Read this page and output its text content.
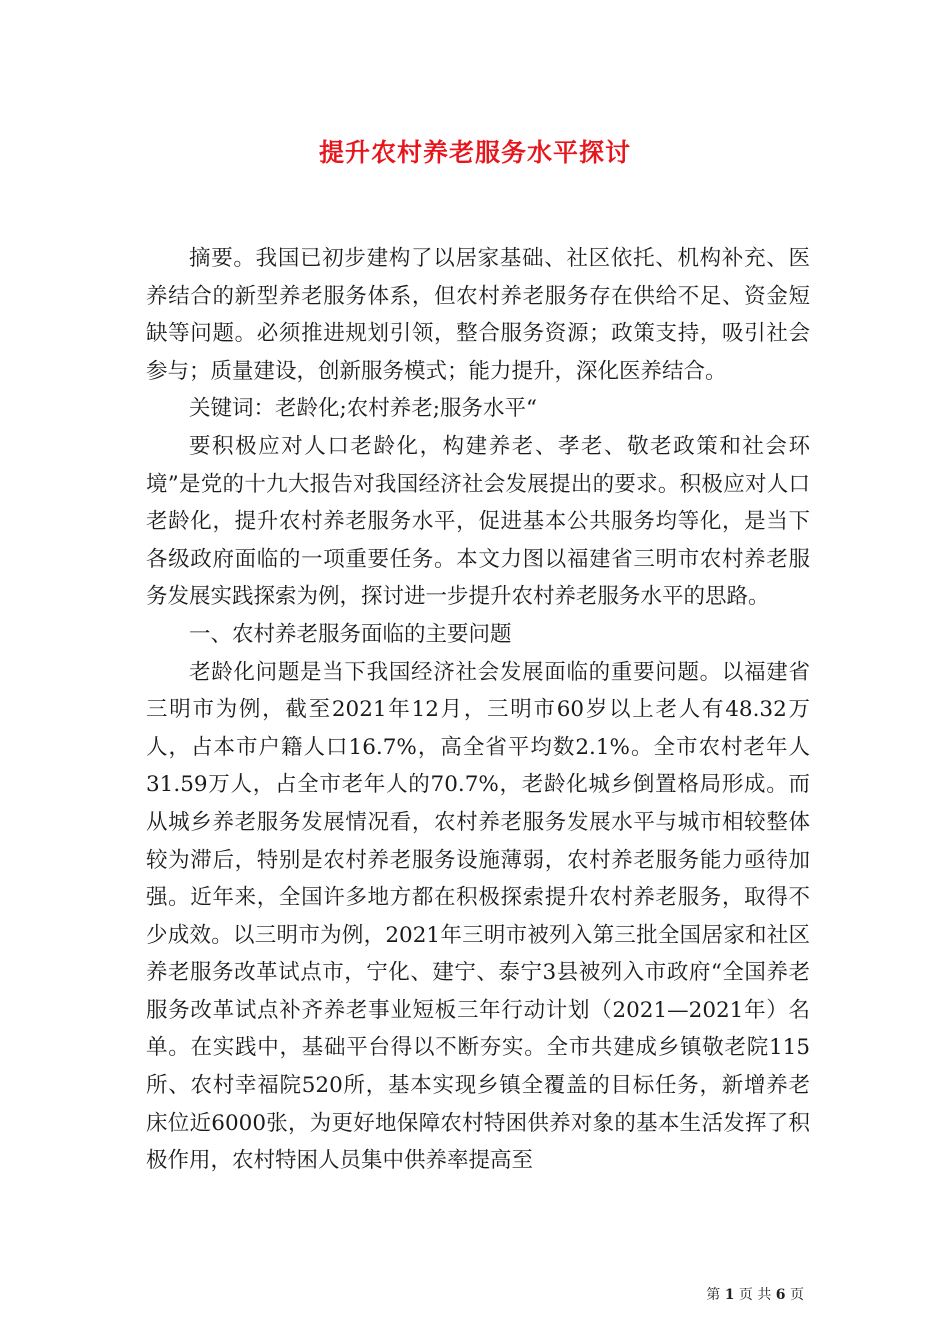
提升农村养老服务水平探讨

摘要。我国已初步建构了以居家基础、社区依托、机构补充、医养结合的新型养老服务体系，但农村养老服务存在供给不足、资金短缺等问题。必须推进规划引领，整合服务资源；政策支持，吸引社会参与；质量建设，创新服务模式；能力提升，深化医养结合。

关键词：老龄化;农村养老;服务水平“

要积极应对人口老龄化，构建养老、孝老、敬老政策和社会环境”是党的十九大报告对我国经济社会发展提出的要求。积极应对人口老龄化，提升农村养老服务水平，促进基本公共服务均等化，是当下各级政府面临的一项重要任务。本文力图以福建省三明市农村养老服务发展实践探索为例，探讨进一步提升农村养老服务水平的思路。

一、农村养老服务面临的主要问题

老龄化问题是当下我国经济社会发展面临的重要问题。以福建省三明市为例，截至2021年12月，三明市60岁以上老人有48.32万人，占本市户籍人口16.7%，高全省平均数2.1%。全市农村老年人31.59万人，占全市老年人的70.7%，老龄化城乡倒置格局形成。而从城乡养老服务发展情况看，农村养老服务发展水平与城市相较整体较为滞后，特别是农村养老服务设施薄弱，农村养老服务能力亟待加强。近年来，全国许多地方都在积极探索提升农村养老服务，取得不少成效。以三明市为例，2021年三明市被列入第三批全国居家和社区养老服务改革试点市，宁化、建宁、泰宁3县被列入市政府“全国养老服务改革试点补齐养老事业短板三年行动计划（2021—2021年）名单。在实践中，基础平台得以不断夯实。全市共建成乡镇敬老院115所、农村幸福院520所，基本实现乡镇全覆盖的目标任务，新增养老床位近6000张，为更好地保障农村特困供养对象的基本生活发挥了积极作用，农村特困人员集中供养率提高至

第 1 页 共 6 页
